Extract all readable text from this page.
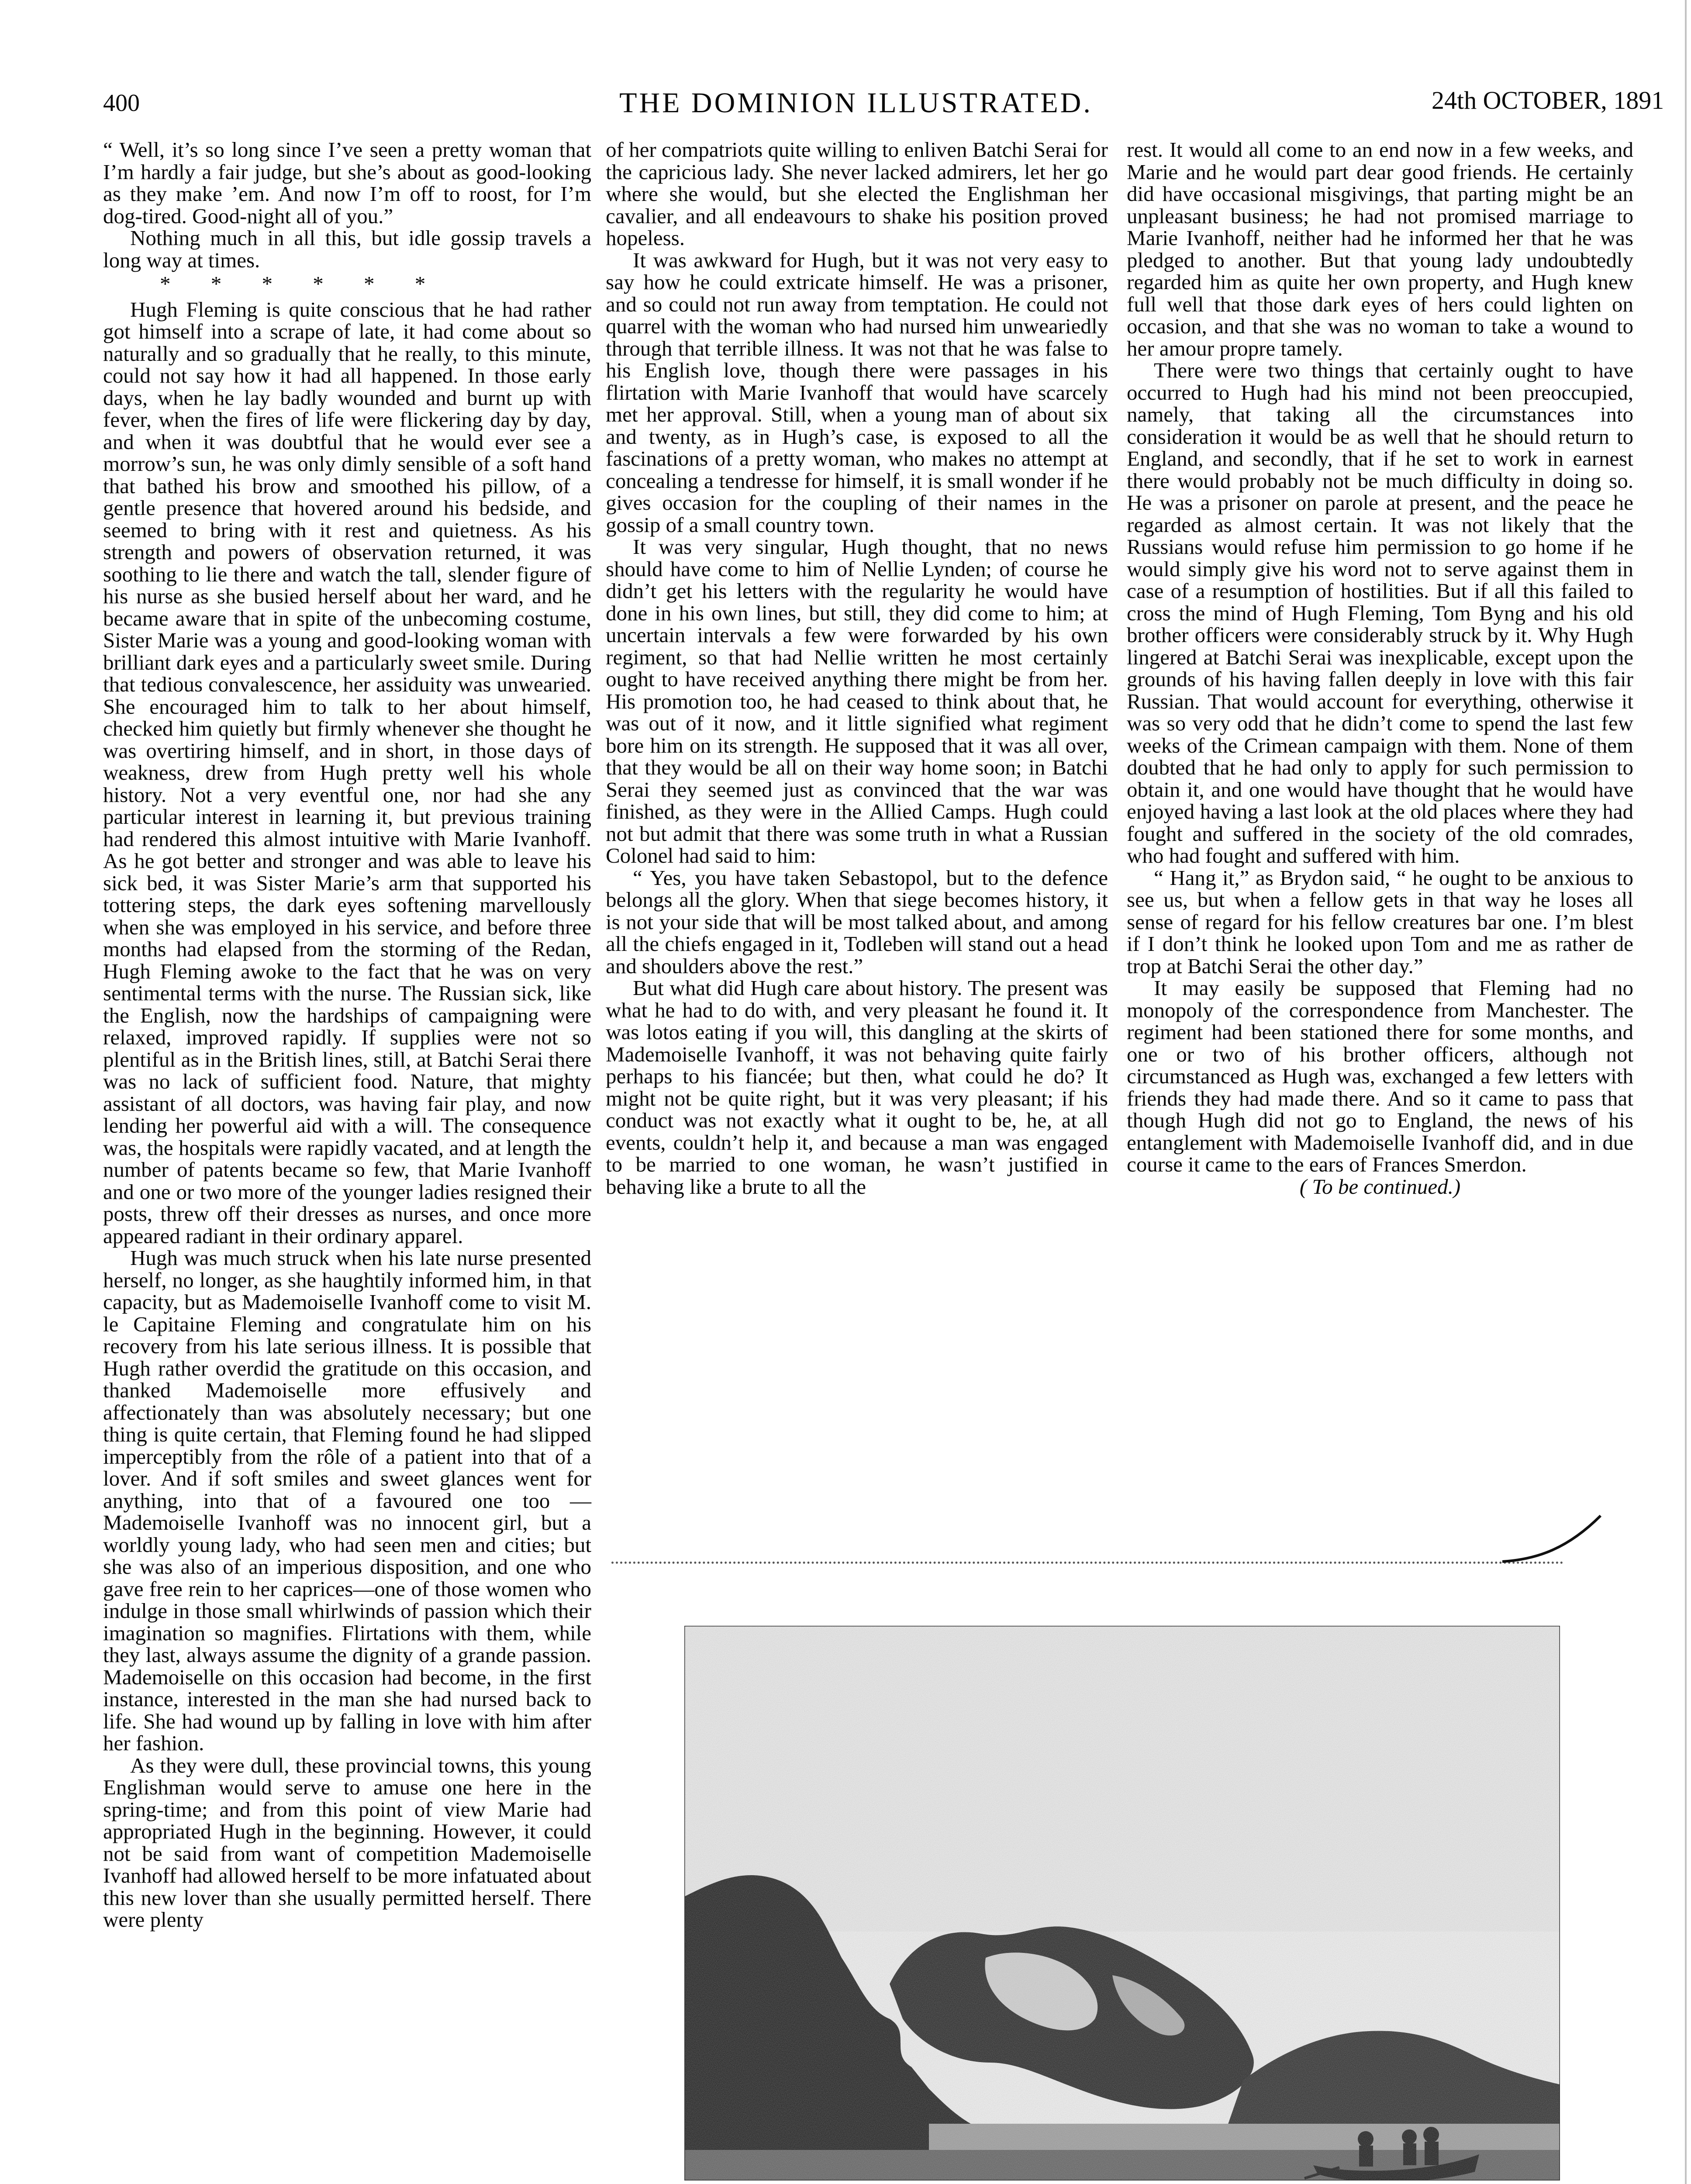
400	THE DOMINION ILLUSTRATED.	24th OCTOBER, 1891

“ Well, it’s so long since I’ve seen a pretty woman that I’m hardly a fair judge, but she’s about as good-looking as they make ’em. And now I’m off to roost, for I’m dog-tired. Good-night all of you.”

Nothing much in all this, but idle gossip travels a long way at times.

* * * * * *

Hugh Fleming is quite conscious that he had rather got himself into a scrape of late, it had come about so naturally and so gradually that he really, to this minute, could not say how it had all happened. In those early days, when he lay badly wounded and burnt up with fever, when the fires of life were flickering day by day, and when it was doubtful that he would ever see a morrow’s sun, he was only dimly sensible of a soft hand that bathed his brow and smoothed his pillow, of a gentle presence that hovered around his bedside, and seemed to bring with it rest and quietness. As his strength and powers of observation returned, it was soothing to lie there and watch the tall, slender figure of his nurse as she busied herself about her ward, and he became aware that in spite of the unbecoming costume, Sister Marie was a young and good-looking woman with brilliant dark eyes and a particularly sweet smile. During that tedious convalescence, her assiduity was unwearied. She encouraged him to talk to her about himself, checked him quietly but firmly whenever she thought he was overtiring himself, and in short, in those days of weakness, drew from Hugh pretty well his whole history. Not a very eventful one, nor had she any particular interest in learning it, but previous training had rendered this almost intuitive with Marie Ivanhoff. As he got better and stronger and was able to leave his sick bed, it was Sister Marie’s arm that supported his tottering steps, the dark eyes softening marvellously when she was employed in his service, and before three months had elapsed from the storming of the Redan, Hugh Fleming awoke to the fact that he was on very sentimental terms with the nurse. The Russian sick, like the English, now the hardships of campaigning were relaxed, improved rapidly. If supplies were not so plentiful as in the British lines, still, at Batchi Serai there was no lack of sufficient food. Nature, that mighty assistant of all doctors, was having fair play, and now lending her powerful aid with a will. The consequence was, the hospitals were rapidly vacated, and at length the number of patents became so few, that Marie Ivanhoff and one or two more of the younger ladies resigned their posts, threw off their dresses as nurses, and once more appeared radiant in their ordinary apparel.

Hugh was much struck when his late nurse presented herself, no longer, as she haughtily informed him, in that capacity, but as Mademoiselle Ivanhoff come to visit M. le Capitaine Fleming and congratulate him on his recovery from his late serious illness. It is possible that Hugh rather overdid the gratitude on this occasion, and thanked Mademoiselle more effusively and affectionately than was absolutely necessary; but one thing is quite certain, that Fleming found he had slipped imperceptibly from the rôle of a patient into that of a lover. And if soft smiles and sweet glances went for anything, into that of a favoured one too —Mademoiselle Ivanhoff was no innocent girl, but a worldly young lady, who had seen men and cities; but she was also of an imperious disposition, and one who gave free rein to her caprices—one of those women who indulge in those small whirlwinds of passion which their imagination so magnifies. Flirtations with them, while they last, always assume the dignity of a grande passion. Mademoiselle on this occasion had become, in the first instance, interested in the man she had nursed back to life. She had wound up by falling in love with him after her fashion.

As they were dull, these provincial towns, this young Englishman would serve to amuse one here in the spring-time; and from this point of view Marie had appropriated Hugh in the beginning. However, it could not be said from want of competition Mademoiselle Ivanhoff had allowed herself to be more infatuated about this new lover than she usually permitted herself. There were plenty

of her compatriots quite willing to enliven Batchi Serai for the capricious lady. She never lacked admirers, let her go where she would, but she elected the Englishman her cavalier, and all endeavours to shake his position proved hopeless.

It was awkward for Hugh, but it was not very easy to say how he could extricate himself. He was a prisoner, and so could not run away from temptation. He could not quarrel with the woman who had nursed him unweariedly through that terrible illness. It was not that he was false to his English love, though there were passages in his flirtation with Marie Ivanhoff that would have scarcely met her approval. Still, when a young man of about six and twenty, as in Hugh’s case, is exposed to all the fascinations of a pretty woman, who makes no attempt at concealing a tendresse for himself, it is small wonder if he gives occasion for the coupling of their names in the gossip of a small country town.

It was very singular, Hugh thought, that no news should have come to him of Nellie Lynden; of course he didn’t get his letters with the regularity he would have done in his own lines, but still, they did come to him; at uncertain intervals a few were forwarded by his own regiment, so that had Nellie written he most certainly ought to have received anything there might be from her. His promotion too, he had ceased to think about that, he was out of it now, and it little signified what regiment bore him on its strength. He supposed that it was all over, that they would be all on their way home soon; in Batchi Serai they seemed just as convinced that the war was finished, as they were in the Allied Camps. Hugh could not but admit that there was some truth in what a Russian Colonel had said to him:

“ Yes, you have taken Sebastopol, but to the defence belongs all the glory. When that siege becomes history, it is not your side that will be most talked about, and among all the chiefs engaged in it, Todleben will stand out a head and shoulders above the rest.”

But what did Hugh care about history. The present was what he had to do with, and very pleasant he found it. It was lotos eating if you will, this dangling at the skirts of Mademoiselle Ivanhoff, it was not behaving quite fairly perhaps to his fiancée; but then, what could he do? It might not be quite right, but it was very pleasant; if his conduct was not exactly what it ought to be, he, at all events, couldn’t help it, and because a man was engaged to be married to one woman, he wasn’t justified in behaving like a brute to all the

rest. It would all come to an end now in a few weeks, and Marie and he would part dear good friends. He certainly did have occasional misgivings, that parting might be an unpleasant business; he had not promised marriage to Marie Ivanhoff, neither had he informed her that he was pledged to another. But that young lady undoubtedly regarded him as quite her own property, and Hugh knew full well that those dark eyes of hers could lighten on occasion, and that she was no woman to take a wound to her amour propre tamely.

There were two things that certainly ought to have occurred to Hugh had his mind not been preoccupied, namely, that taking all the circumstances into consideration it would be as well that he should return to England, and secondly, that if he set to work in earnest there would probably not be much difficulty in doing so. He was a prisoner on parole at present, and the peace he regarded as almost certain. It was not likely that the Russians would refuse him permission to go home if he would simply give his word not to serve against them in case of a resumption of hostilities. But if all this failed to cross the mind of Hugh Fleming, Tom Byng and his old brother officers were considerably struck by it. Why Hugh lingered at Batchi Serai was inexplicable, except upon the grounds of his having fallen deeply in love with this fair Russian. That would account for everything, otherwise it was so very odd that he didn’t come to spend the last few weeks of the Crimean campaign with them. None of them doubted that he had only to apply for such permission to obtain it, and one would have thought that he would have enjoyed having a last look at the old places where they had fought and suffered in the society of the old comrades, who had fought and suffered with him.

“ Hang it,” as Brydon said, “ he ought to be anxious to see us, but when a fellow gets in that way he loses all sense of regard for his fellow creatures bar one. I’m blest if I don’t think he looked upon Tom and me as rather de trop at Batchi Serai the other day.”

It may easily be supposed that Fleming had no monopoly of the correspondence from Manchester. The regiment had been stationed there for some months, and one or two of his brother officers, although not circumstanced as Hugh was, exchanged a few letters with friends they had made there. And so it came to pass that though Hugh did not go to England, the news of his entanglement with Mademoiselle Ivanhoff did, and in due course it came to the ears of Frances Smerdon.

( To be continued.)
